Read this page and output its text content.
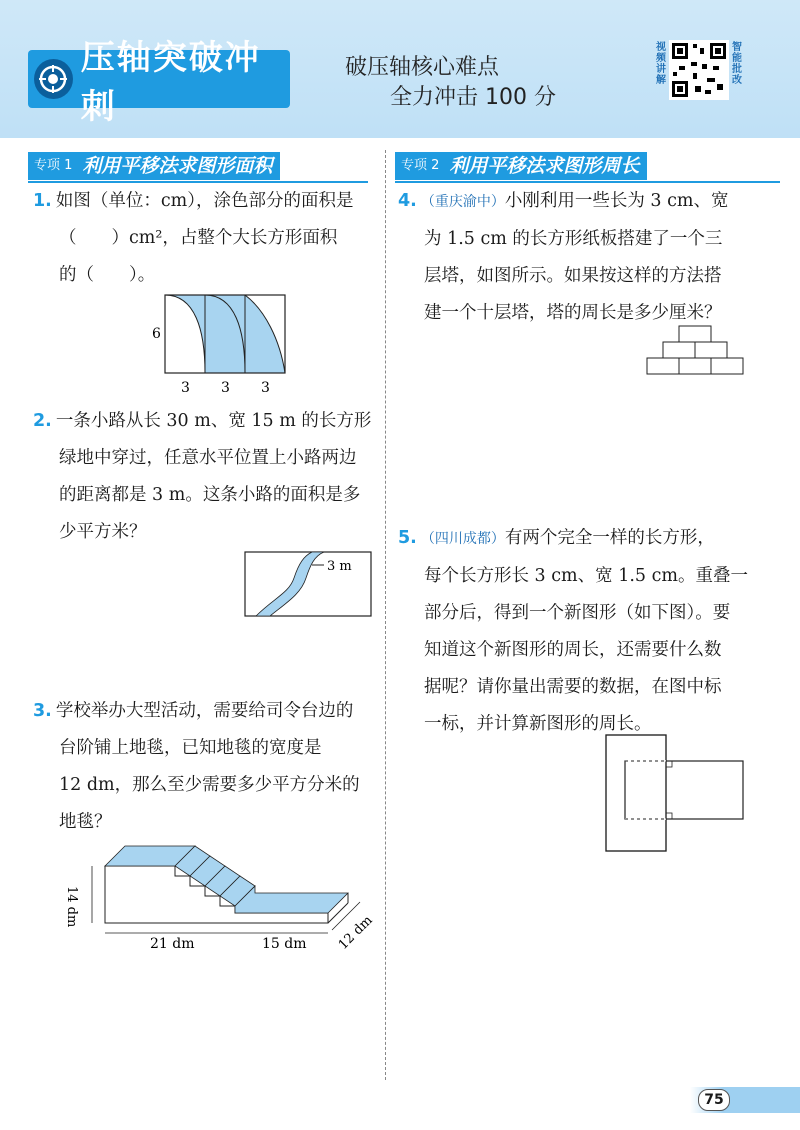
压轴突破冲刺
破压轴核心难点
全力冲击 100 分
视频讲解
智能批改
专项 1 利用平移法求图形面积	专项 2 利用平移法求图形周长
1. 如图（单位：cm），涂色部分的面积是
（　　）cm²，占整个大长方形面积
的（　　）。
6
3 3 3
2. 一条小路从长 30 m、宽 15 m 的长方形
绿地中穿过，任意水平位置上小路两边
的距离都是 3 m。这条小路的面积是多
少平方米？
3 m
3. 学校举办大型活动，需要给司令台边的
台阶铺上地毯，已知地毯的宽度是
12 dm，那么至少需要多少平方分米的
地毯？
14 dm
21 dm	15 dm 12 dm
4. （重庆渝中）小刚利用一些长为 3 cm、宽
为 1.5 cm 的长方形纸板搭建了一个三
层塔，如图所示。如果按这样的方法搭
建一个十层塔，塔的周长是多少厘米？
5. （四川成都）有两个完全一样的长方形，
每个长方形长 3 cm、宽 1.5 cm。重叠一
部分后，得到一个新图形（如下图）。要
知道这个新图形的周长，还需要什么数
据呢？请你量出需要的数据，在图中标
一标，并计算新图形的周长。
75
